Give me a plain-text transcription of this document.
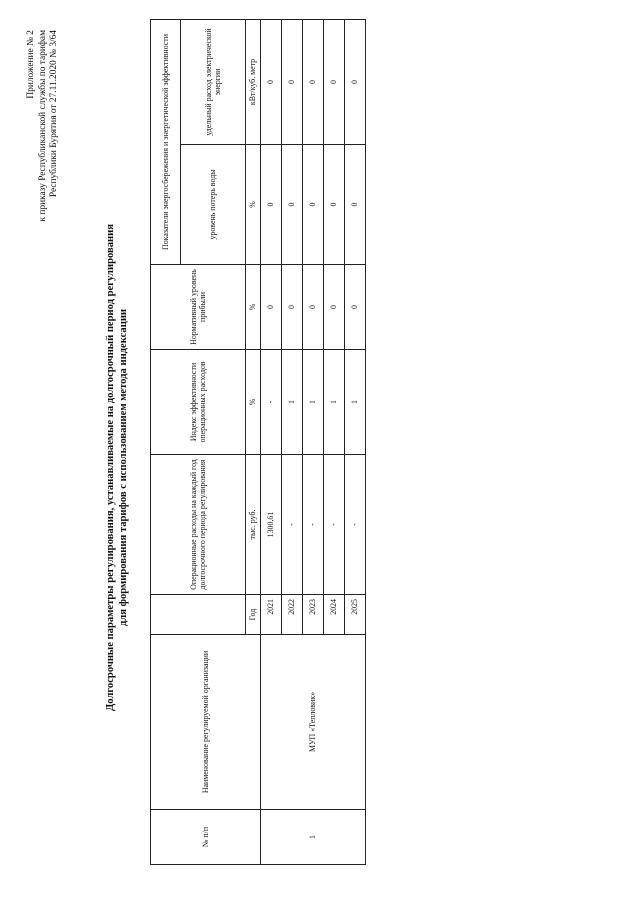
Приложение № 2 к приказу Республиканской службы по тарифам Республики Бурятия от 27.11.2020 № 3/64
Долгосрочные параметры регулирования, устанавливаемые на долгосрочный период регулирования для формирования тарифов с использованием метода индексации
№ п/п	Наименование регулируемой организации		Операционные расходы на каждый год долгосрочного периода регулирования	Индекс эффективности операционных расходов	Нормативный уровень прибыли	Показатели энергосбережения и энергетической эффективности	
						уровень потерь воды	удельный расход электрической энергии
		Год	тыс. руб.	%	%	%	кВт/куб. метр
1	МУП «Тепловик»	2021	1300,61	-	0	0	0
		2022	-	1	0	0	0
		2023	-	1	0	0	0
		2024	-	1	0	0	0
		2025	-	1	0	0	0
